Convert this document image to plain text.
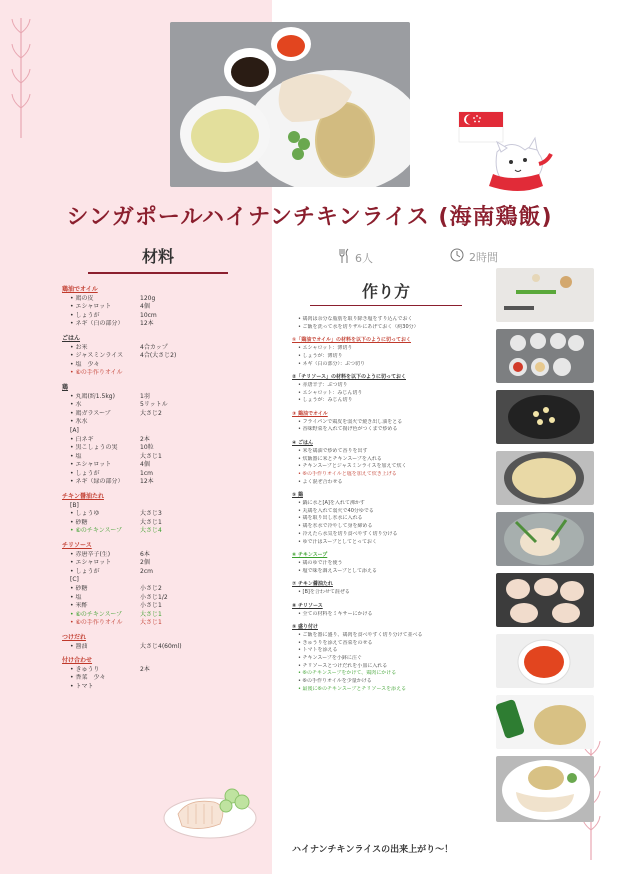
シンガポールハイナンチキンライス (海南鶏飯)
材料	6人	2時間
作り方
鶏油でオイル
• 鶏の皮	120g
• エシャロット	4個
• しょうが	10cm
• ネギ（白の部分）	12本
ごはん
• お米	4合カップ
• ジャスミンライス	4合(大さじ2)
• 塩　少々
• ⑥の手作りオイル
鶏
• 丸鶏(約1.5kg)	1羽
• 水	5リットル
• 鶏ガラスープ	大さじ2
• 氷水
[A]
• 白ネギ	2本
• 黒こしょうの実	10粒
• 塩	大さじ1
• エシャロット	4個
• しょうが	1cm
• ネギ（緑の部分）	12本
チキン醤油たれ
[B]
• しょうゆ	大さじ3
• 砂糖	大さじ1
• ⑥のチキンスープ	大さじ4
チリソース
• 赤唐辛子(生)	6本
• エシャロット	2個
• しょうが	2cm
[C]
• 砂糖	小さじ2
• 塩	小さじ1/2
• 米酢	小さじ1
• ⑥のチキンスープ	大さじ1
• ⑥の手作りオイル	大さじ1
つけだれ
• 醤油	大さじ4(60ml)
付け合わせ
• きゅうり	2本
• 香菜　少々
• トマト
• 鶏肉は余分な脂肪を取り除き塩をすり込んでおく
• ご飯を洗って水を切りザルにあげておく（約30分）
①「鶏油でオイル」の材料を以下のように切っておく
• エシャロット：薄切り
• しょうが：薄切り
• ネギ（白の部分）：ぶつ切り
②「チリソース」の材料を以下のように切っておく
• 赤唐辛子：ぶつ切り
• エシャロット：みじん切り
• しょうが：みじん切り
③ 鶏油でオイル
• フライパンで鶏皮を弱火で焼き出し油をとる
• 香味野菜を入れて揚げ色がつくまで炒める
④ ごはん
• 米を鶏油で炒めて香りを出す
• 炊飯器に米とチキンスープを入れる
• チキンスープとジャスミンライスを加えて炊く
• ⑥の手作りオイルと塩を加えて炊き上げる
• よく混ぜ合わせる
⑤ 鶏
• 鍋に水と[A]を入れて沸かす
• 丸鶏を入れて弱火で40分ゆでる
• 鶏を取り出し氷水に入れる
• 鶏を氷水で冷やして身を締める
• 冷えたら水気を切り食べやすく切り分ける
• ゆで汁はスープとしてとっておく
⑥ チキンスープ
• 鶏のゆで汁を使う
• 塩で味を調えスープとして添える
⑦ チキン醤油たれ
• [B]を合わせて混ぜる
⑧ チリソース
• 全ての材料をミキサーにかける
⑨ 盛り付け
• ご飯を器に盛り、鶏肉を食べやすく切り分けて並べる
• きゅうりを添えて香菜をのせる
• トマトを添える
• チキンスープを小鉢に注ぐ
• チリソースとつけだれを小皿に入れる
• ⑥のチキンスープをかけて、鶏肉にかける
• ⑥の手作りオイルを少量かける
• 最後に⑥のチキンスープとチリソースを添える
ハイナンチキンライスの出来上がり〜！
